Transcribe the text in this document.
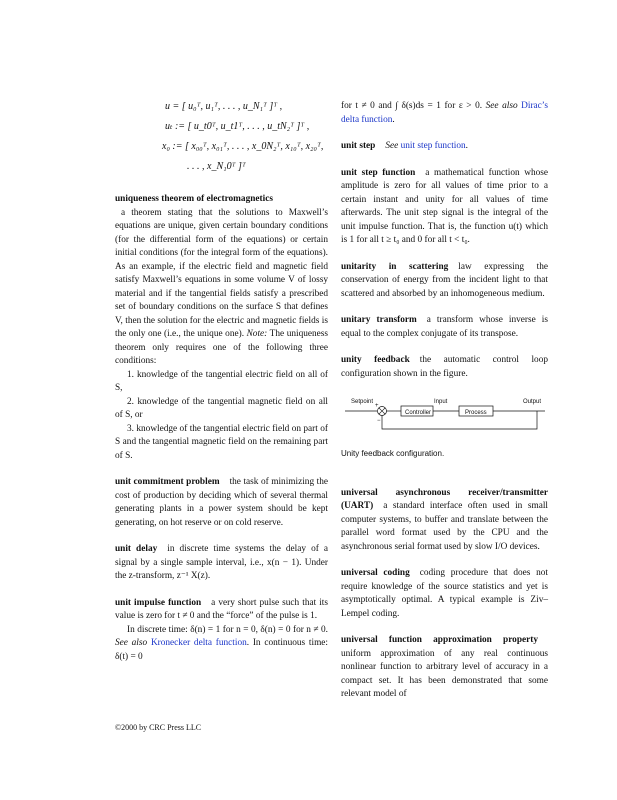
u = [ u₀ᵀ, u₁ᵀ, . . . , u_N₁ᵀ ]ᵀ ,
uₜ := [ u_t0ᵀ, u_t1ᵀ, . . . , u_tN₂ᵀ ]ᵀ ,
x₀ := [ x₀₀ᵀ, x₀₁ᵀ, . . . , x_0N₂ᵀ, x₁₀ᵀ, x₂₀ᵀ,
. . . , x_N₁0ᵀ ]ᵀ

uniqueness theorem of electromagnetics
a theorem stating that the solutions to Maxwell’s equations are unique, given certain boundary conditions (for the differential form of the equations) or certain initial conditions (for the integral form of the equations). As an example, if the electric field and magnetic field satisfy Maxwell’s equations in some volume V of lossy material and if the tangential fields satisfy a prescribed set of boundary conditions on the surface S that defines V, then the solution for the electric and magnetic fields is the only one (i.e., the unique one). Note: The uniqueness theorem only requires one of the following three conditions:

1. knowledge of the tangential electric field on all of S,

2. knowledge of the tangential magnetic field on all of S, or

3. knowledge of the tangential electric field on part of S and the tangential magnetic field on the remaining part of S.

unit commitment problem the task of minimizing the cost of production by deciding which of several thermal generating plants in a power system should be kept generating, on hot reserve or on cold reserve.

unit delay in discrete time systems the delay of a signal by a single sample interval, i.e., x(n − 1). Under the z-transform, z⁻¹ X(z).

unit impulse function a very short pulse such that its value is zero for t ≠ 0 and the “force” of the pulse is 1.

In discrete time: δ(n) = 1 for n = 0, δ(n) = 0 for n ≠ 0. See also Kronecker delta function. In continuous time: δ(t) = 0

for t ≠ 0 and ∫ δ(s)ds = 1 for ε > 0. See also Dirac’s delta function.

unit step See unit step function.

unit step function a mathematical function whose amplitude is zero for all values of time prior to a certain instant and unity for all values of time afterwards. The unit step signal is the integral of the unit impulse function. That is, the function u(t) which is 1 for all t ≥ t₀ and 0 for all t < t₀.

unitarity in scattering law expressing the conservation of energy from the incident light to that scattered and absorbed by an inhomogeneous medium.

unitary transform a transform whose inverse is equal to the complex conjugate of its transpose.

unity feedback the automatic control loop configuration shown in the figure.

Setpoint	Input	Output
+
−
Controller	Process
Unity feedback configuration.

universal asynchronous receiver/transmitter (UART) a standard interface often used in small computer systems, to buffer and translate between the parallel word format used by the CPU and the asynchronous serial format used by slow I/O devices.

universal coding coding procedure that does not require knowledge of the source statistics and yet is asymptotically optimal. A typical example is Ziv–Lempel coding.

universal function approximation propertyuniform approximation of any real continuous nonlinear function to arbitrary level of accuracy in a compact set. It has been demonstrated that some relevant model of

©2000 by CRC Press LLC
